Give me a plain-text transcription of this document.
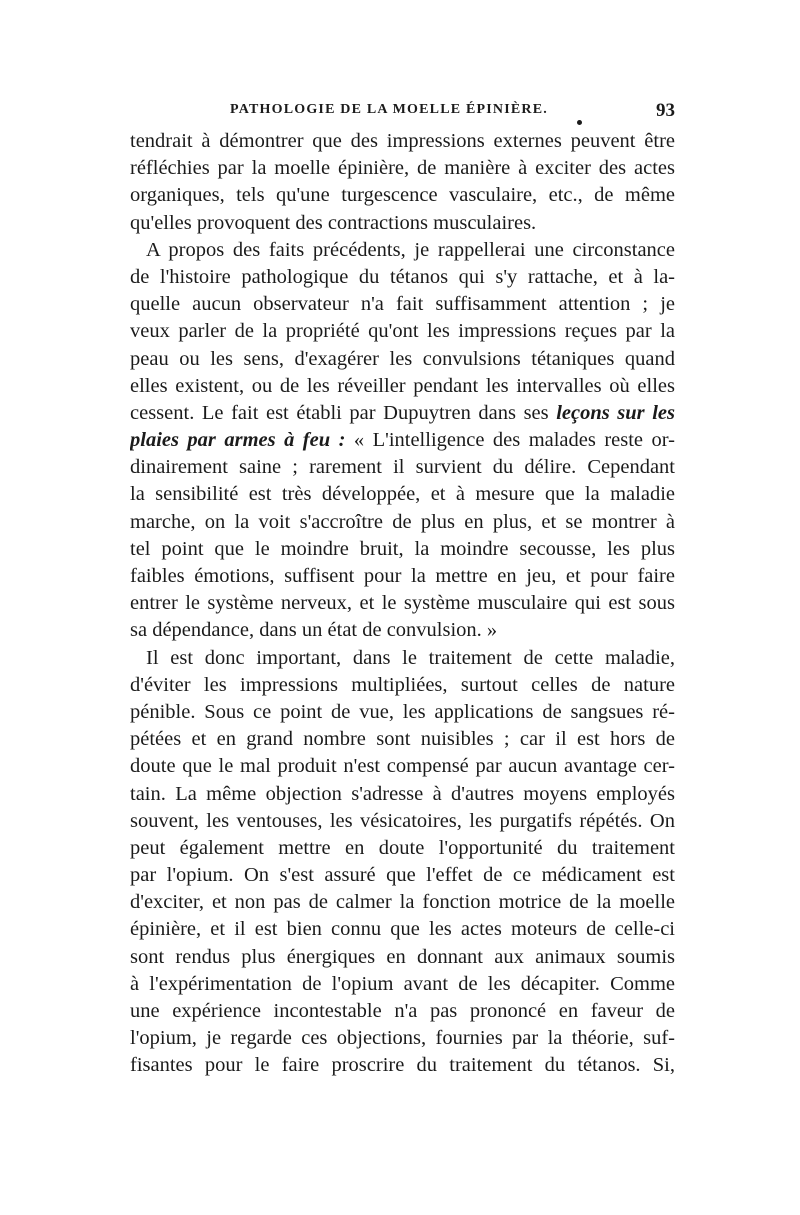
PATHOLOGIE DE LA MOELLE ÉPINIÈRE.	93
tendrait à démontrer que des impressions externes peuvent être
réfléchies par la moelle épinière, de manière à exciter des actes
organiques, tels qu'une turgescence vasculaire, etc., de même
qu'elles provoquent des contractions musculaires.
A propos des faits précédents, je rappellerai une circonstance
de l'histoire pathologique du tétanos qui s'y rattache, et à la-
quelle aucun observateur n'a fait suffisamment attention ; je
veux parler de la propriété qu'ont les impressions reçues par la
peau ou les sens, d'exagérer les convulsions tétaniques quand
elles existent, ou de les réveiller pendant les intervalles où elles
cessent. Le fait est établi par Dupuytren dans ses leçons sur les
plaies par armes à feu : « L'intelligence des malades reste or-
dinairement saine ; rarement il survient du délire. Cependant
la sensibilité est très développée, et à mesure que la maladie
marche, on la voit s'accroître de plus en plus, et se montrer à
tel point que le moindre bruit, la moindre secousse, les plus
faibles émotions, suffisent pour la mettre en jeu, et pour faire
entrer le système nerveux, et le système musculaire qui est sous
sa dépendance, dans un état de convulsion. »
Il est donc important, dans le traitement de cette maladie,
d'éviter les impressions multipliées, surtout celles de nature
pénible. Sous ce point de vue, les applications de sangsues ré-
pétées et en grand nombre sont nuisibles ; car il est hors de
doute que le mal produit n'est compensé par aucun avantage cer-
tain. La même objection s'adresse à d'autres moyens employés
souvent, les ventouses, les vésicatoires, les purgatifs répétés. On
peut également mettre en doute l'opportunité du traitement
par l'opium. On s'est assuré que l'effet de ce médicament est
d'exciter, et non pas de calmer la fonction motrice de la moelle
épinière, et il est bien connu que les actes moteurs de celle-ci
sont rendus plus énergiques en donnant aux animaux soumis
à l'expérimentation de l'opium avant de les décapiter. Comme
une expérience incontestable n'a pas prononcé en faveur de
l'opium, je regarde ces objections, fournies par la théorie, suf-
fisantes pour le faire proscrire du traitement du tétanos. Si,
